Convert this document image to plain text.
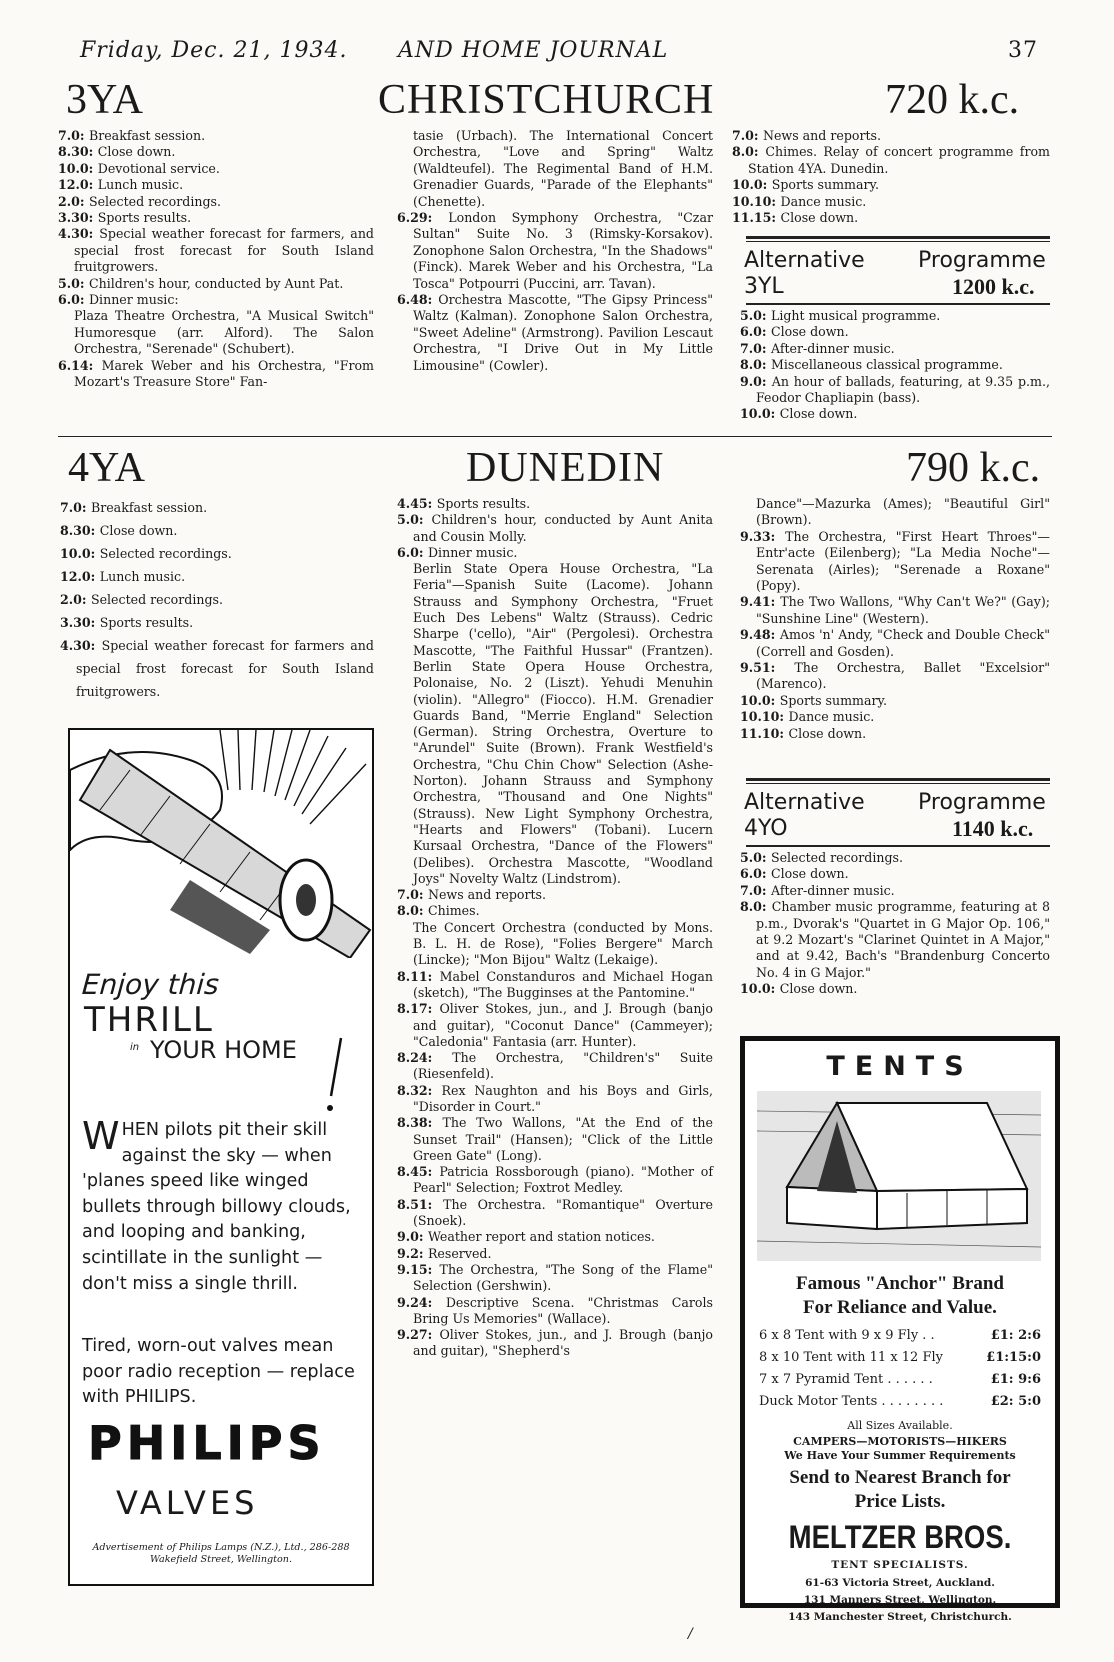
Friday, Dec. 21, 1934. AND HOME JOURNAL	37
3YA	CHRISTCHURCH	720 k.c.

7.0: Breakfast session.

8.30: Close down.

10.0: Devotional service.

12.0: Lunch music.

2.0: Selected recordings.

3.30: Sports results.

4.30: Special weather forecast for farmers, and special frost forecast for South Island fruitgrowers.

5.0: Children's hour, conducted by Aunt Pat.

6.0: Dinner music:

Plaza Theatre Orchestra, "A Musical Switch" Humoresque (arr. Alford). The Salon Orchestra, "Serenade" (Schubert).

6.14: Marek Weber and his Orchestra, "From Mozart's Treasure Store" Fan-

tasie (Urbach). The International Concert Orchestra, "Love and Spring" Waltz (Waldteufel). The Regimental Band of H.M. Grenadier Guards, "Parade of the Elephants" (Chenette).

6.29: London Symphony Orchestra, "Czar Sultan" Suite No. 3 (Rimsky-Korsakov). Zonophone Salon Orchestra, "In the Shadows" (Finck). Marek Weber and his Orchestra, "La Tosca" Potpourri (Puccini, arr. Tavan).

6.48: Orchestra Mascotte, "The Gipsy Princess" Waltz (Kalman). Zonophone Salon Orchestra, "Sweet Adeline" (Armstrong). Pavilion Lescaut Orchestra, "I Drive Out in My Little Limousine" (Cowler).

7.0: News and reports.

8.0: Chimes. Relay of concert programme from Station 4YA. Dunedin.

10.0: Sports summary.

10.10: Dance music.

11.15: Close down.

Alternative Programme
3YL	1200 k.c.

5.0: Light musical programme.

6.0: Close down.

7.0: After-dinner music.

8.0: Miscellaneous classical programme.

9.0: An hour of ballads, featuring, at 9.35 p.m., Feodor Chapliapin (bass).

10.0: Close down.

4YA	DUNEDIN	790 k.c.

7.0: Breakfast session.

8.30: Close down.

10.0: Selected recordings.

12.0: Lunch music.

2.0: Selected recordings.

3.30: Sports results.

4.30: Special weather forecast for farmers and special frost forecast for South Island fruitgrowers.

4.45: Sports results.

5.0: Children's hour, conducted by Aunt Anita and Cousin Molly.

6.0: Dinner music.

Berlin State Opera House Orchestra, "La Feria"—Spanish Suite (Lacome). Johann Strauss and Symphony Orchestra, "Fruet Euch Des Lebens" Waltz (Strauss). Cedric Sharpe ('cello), "Air" (Pergolesi). Orchestra Mascotte, "The Faithful Hussar" (Frantzen). Berlin State Opera House Orchestra, Polonaise, No. 2 (Liszt). Yehudi Menuhin (violin). "Allegro" (Fiocco). H.M. Grenadier Guards Band, "Merrie England" Selection (German). String Orchestra, Overture to "Arundel" Suite (Brown). Frank Westfield's Orchestra, "Chu Chin Chow" Selection (Ashe-Norton). Johann Strauss and Symphony Orchestra, "Thousand and One Nights" (Strauss). New Light Symphony Orchestra, "Hearts and Flowers" (Tobani). Lucern Kursaal Orchestra, "Dance of the Flowers" (Delibes). Orchestra Mascotte, "Woodland Joys" Novelty Waltz (Lindstrom).

7.0: News and reports.

8.0: Chimes.

The Concert Orchestra (conducted by Mons. B. L. H. de Rose), "Folies Bergere" March (Lincke); "Mon Bijou" Waltz (Lekaige).

8.11: Mabel Constanduros and Michael Hogan (sketch), "The Bugginses at the Pantomine."

8.17: Oliver Stokes, jun., and J. Brough (banjo and guitar), "Coconut Dance" (Cammeyer); "Caledonia" Fantasia (arr. Hunter).

8.24: The Orchestra, "Children's" Suite (Riesenfeld).

8.32: Rex Naughton and his Boys and Girls, "Disorder in Court."

8.38: The Two Wallons, "At the End of the Sunset Trail" (Hansen); "Click of the Little Green Gate" (Long).

8.45: Patricia Rossborough (piano). "Mother of Pearl" Selection; Foxtrot Medley.

8.51: The Orchestra. "Romantique" Overture (Snoek).

9.0: Weather report and station notices.

9.2: Reserved.

9.15: The Orchestra, "The Song of the Flame" Selection (Gershwin).

9.24: Descriptive Scena. "Christmas Carols Bring Us Memories" (Wallace).

9.27: Oliver Stokes, jun., and J. Brough (banjo and guitar), "Shepherd's

Dance"—Mazurka (Ames); "Beautiful Girl" (Brown).

9.33: The Orchestra, "First Heart Throes"—Entr'acte (Eilenberg); "La Media Noche"—Serenata (Airles); "Serenade a Roxane" (Popy).

9.41: The Two Wallons, "Why Can't We?" (Gay); "Sunshine Line" (Western).

9.48: Amos 'n' Andy, "Check and Double Check" (Correll and Gosden).

9.51: The Orchestra, Ballet "Excelsior" (Marenco).

10.0: Sports summary.

10.10: Dance music.

11.10: Close down.

Alternative Programme
4YO	1140 k.c.

5.0: Selected recordings.

6.0: Close down.

7.0: After-dinner music.

8.0: Chamber music programme, featuring at 8 p.m., Dvorak's "Quartet in G Major Op. 106," at 9.2 Mozart's "Clarinet Quintet in A Major," and at 9.42, Bach's "Brandenburg Concerto No. 4 in G Major."

10.0: Close down.

Enjoy this
THRILL
in YOUR HOME
WHEN pilots pit their skill against the sky — when 'planes speed like winged bullets through billowy clouds, and looping and banking, scintillate in the sunlight — don't miss a single thrill.
Tired, worn-out valves mean poor radio reception — replace with PHILIPS.
PHILIPS
VALVES
Advertisement of Philips Lamps (N.Z.), Ltd., 286-288 Wakefield Street, Wellington.
TENTS
Famous "Anchor" Brand
For Reliance and Value.
6 x 8 Tent with 9 x 9 Fly . .	£1: 2:6
8 x 10 Tent with 11 x 12 Fly	£1:15:0
7 x 7 Pyramid Tent . . . . . .	£1: 9:6
Duck Motor Tents . . . . . . . .	£2: 5:0
All Sizes Available.
CAMPERS—MOTORISTS—HIKERS
We Have Your Summer Requirements
Send to Nearest Branch for
Price Lists.
MELTZER BROS.
TENT SPECIALISTS.
61-63 Victoria Street, Auckland.
131 Manners Street, Wellington.
143 Manchester Street, Christchurch.
/
